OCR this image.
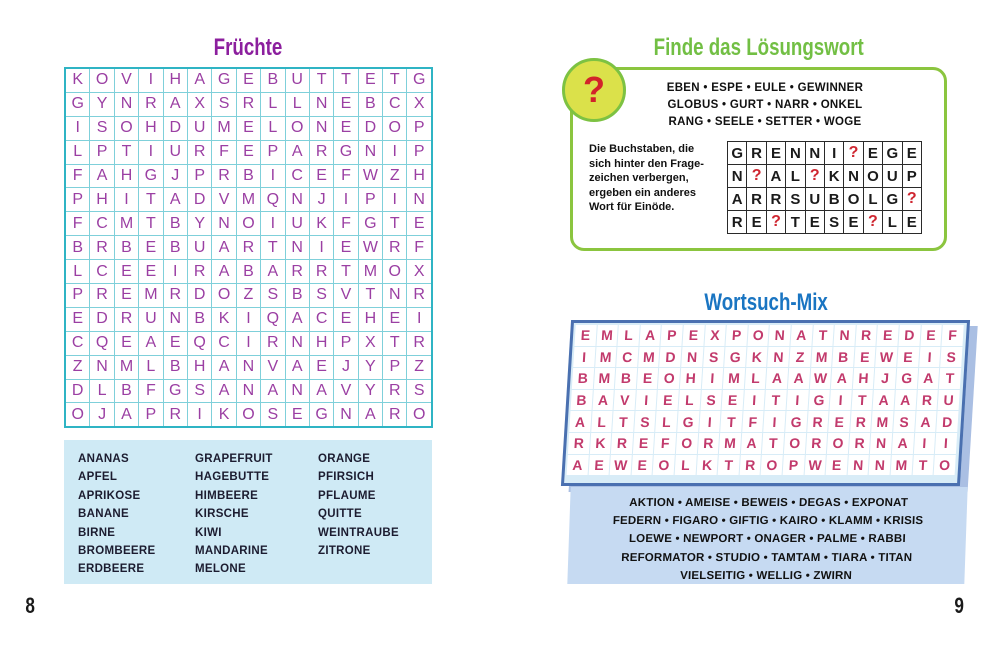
Früchte
K O V	I	H A G E B U T T E T G
G Y N R A X S R L L N E B C X
I	S O H D U M E L O N E D O P
L P T	I	U R F E P A R G N	I	P
F A H G J P R B	I	C E F W Z H
P H	I	T A D V M Q N J	I	P	I	N
F C M T B Y N O I	U K F G T E
B R B E B U A R T N	I	E W R F
L C E E	I	R A B A R R T M O X
P R E M R D O Z S B S V T N R
E D R U N B K	I Q A C E H E	I
C Q E A E Q C	I	R N H P X T R
Z N M L B H A N V A E J Y P Z
D L B F G S A N A N A V Y R S
O J A P R	I	K O S E G N A R O
ANANAS
APFEL
APRIKOSE
BANANE
BIRNE
BROMBEERE
ERDBEERE
GRAPEFRUIT
HAGEBUTTE
HIMBEERE
KIRSCHE
KIWI
MANDARINE
MELONE
ORANGE
PFIRSICH
PFLAUME
QUITTE
WEINTRAUBE
ZITRONE
8
Finde das Lösungswort
?	EBEN • ESPE • EULE • GEWINNER
GLOBUS • GURT • NARR • ONKEL
RANG • SEELE • SETTER • WOGE
Die Buchstaben, die
sich hinter den Frage-
zeichen verbergen,
ergeben ein anderes
Wort für Einöde.
G R E N N I ? E G E
N ? A L ? K N O U P
A R R S U B O L G ?
R E ? T E S E ? L E
Wortsuch-Mix
E M L A P E X P O N A T N R E D E F
I M C M D N S G K N Z M B E W E I	S
B M B E O H I M L A A W A H J G A T
B A V I	E L S E I	T	I G I	T A A R U
A L T S L G I	T F	I G R E R M S A D
R K R E F O R M A T O R O R N A I	I
A E W E O L K T R O P W E N N M T O
AKTION • AMEISE • BEWEIS • DEGAS • EXPONAT
FEDERN • FIGARO • GIFTIG • KAIRO • KLAMM • KRISIS
LOEWE • NEWPORT • ONAGER • PALME • RABBI
REFORMATOR • STUDIO • TAMTAM • TIARA • TITAN
VIELSEITIG • WELLIG • ZWIRN
9
